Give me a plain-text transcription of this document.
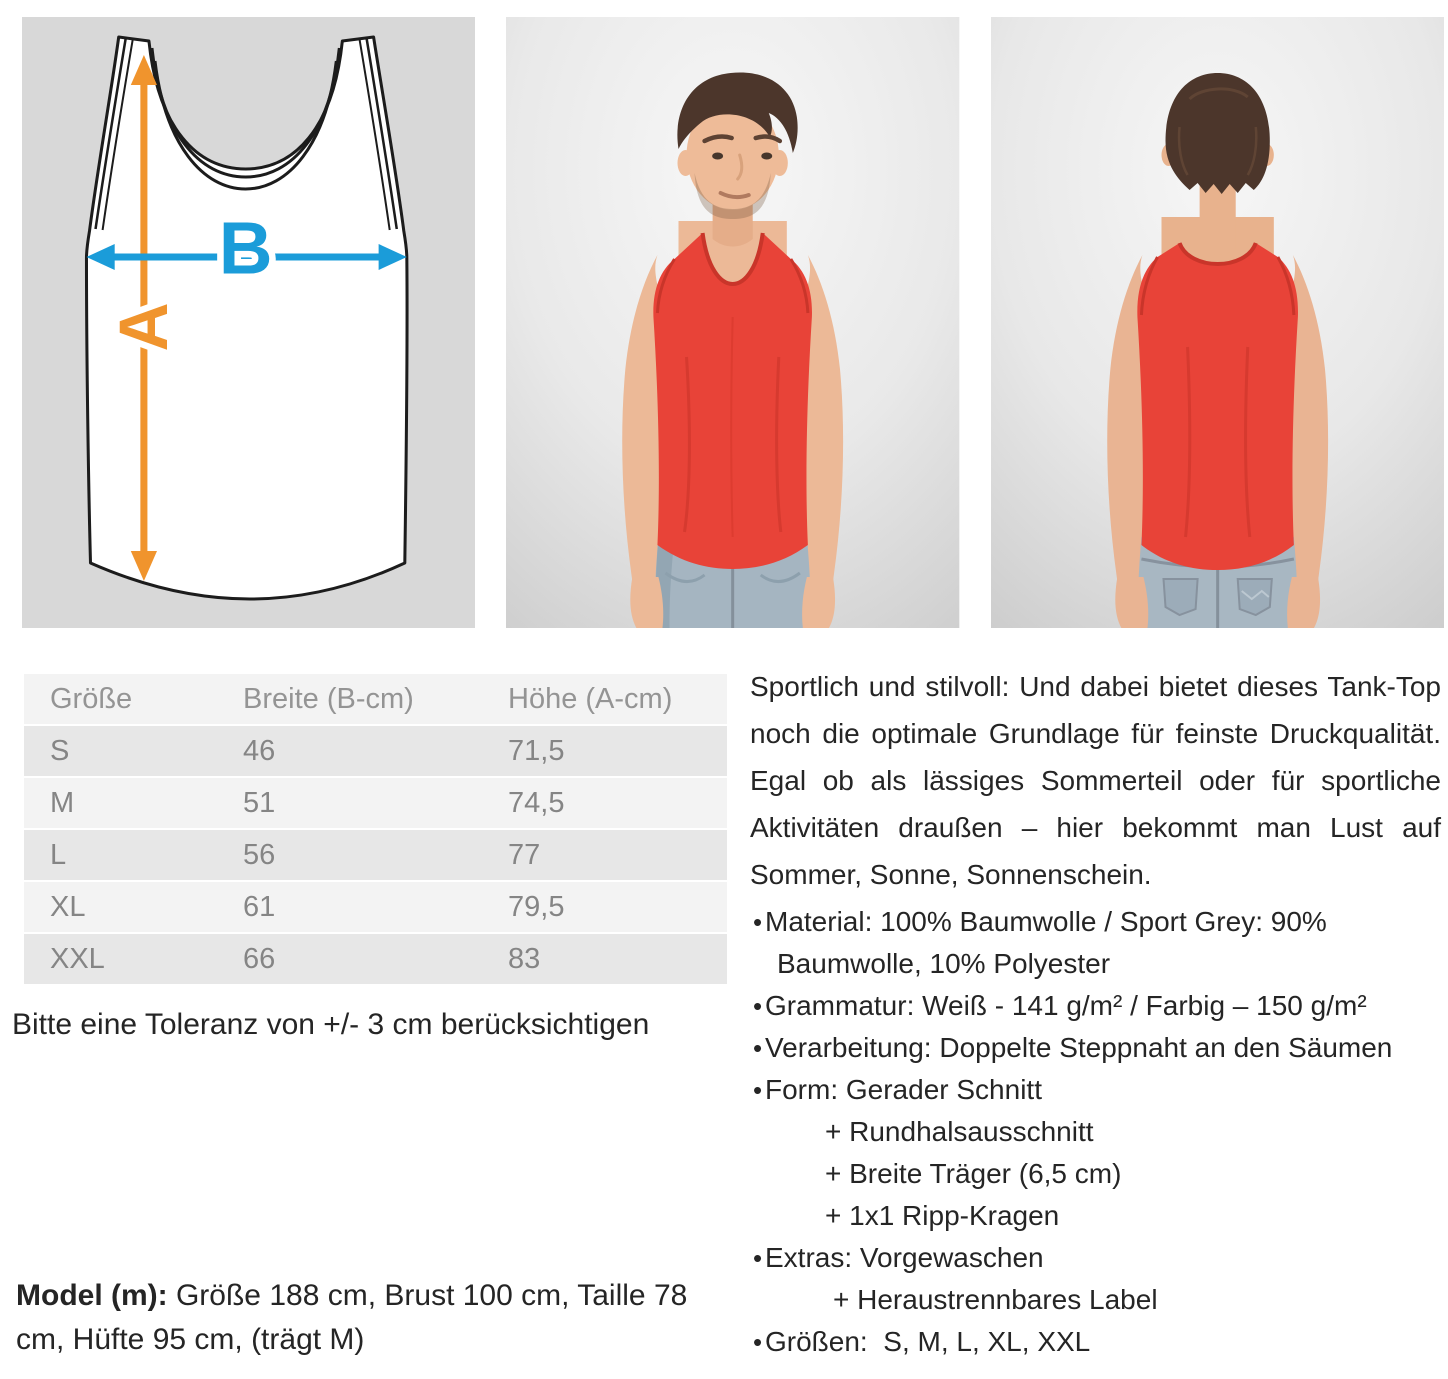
A
B
Größe	Breite (B-cm)	Höhe (A-cm)
S	46	71,5
M	51	74,5
L	56	77
XL	61	79,5
XXL	66	83
Bitte eine Toleranz von +/- 3 cm berücksichtigen
Model (m): Größe 188 cm, Brust 100 cm, Taille 78 cm, Hüfte 95 cm, (trägt M)
Sportlich und stilvoll: Und dabei bietet dieses Tank-Top noch die optimale Grundlage für feinste Druckqualität. Egal ob als lässiges Sommerteil oder für sportliche Aktivitäten draußen – hier bekommt man Lust auf Sommer, Sonne, Sonnenschein.
• Material: 100% Baumwolle / Sport Grey: 90%
Baumwolle, 10% Polyester
• Grammatur: Weiß - 141 g/m² / Farbig – 150 g/m²
• Verarbeitung: Doppelte Steppnaht an den Säumen
• Form: Gerader Schnitt
+ Rundhalsausschnitt
+ Breite Träger (6,5 cm)
+ 1x1 Ripp-Kragen
• Extras: Vorgewaschen
+ Heraustrennbares Label
• Größen:  S, M, L, XL, XXL
